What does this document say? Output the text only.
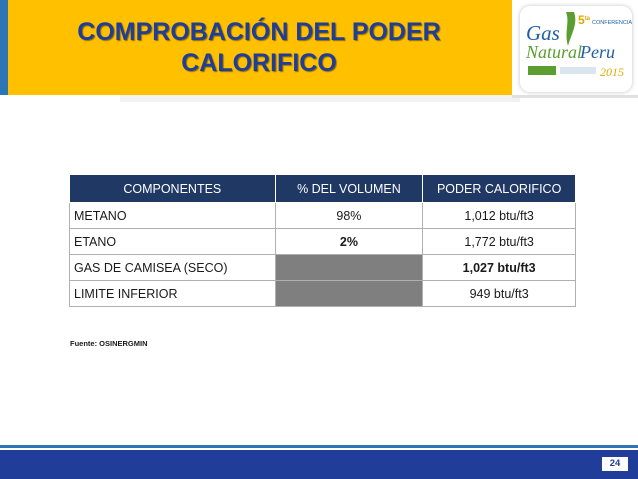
COMPROBACIÓN DEL PODER
CALORIFICO
Gas
$5^{ta}$
CONFERENCIA
Natural
Peru
2015
COMPONENTES	% DEL VOLUMEN	PODER CALORIFICO
METANO	98%	1,012 btu/ft3
ETANO	2%	1,772 btu/ft3
GAS DE CAMISEA (SECO)		1,027 btu/ft3
LIMITE INFERIOR		949 btu/ft3
Fuente: OSINERGMIN
24
